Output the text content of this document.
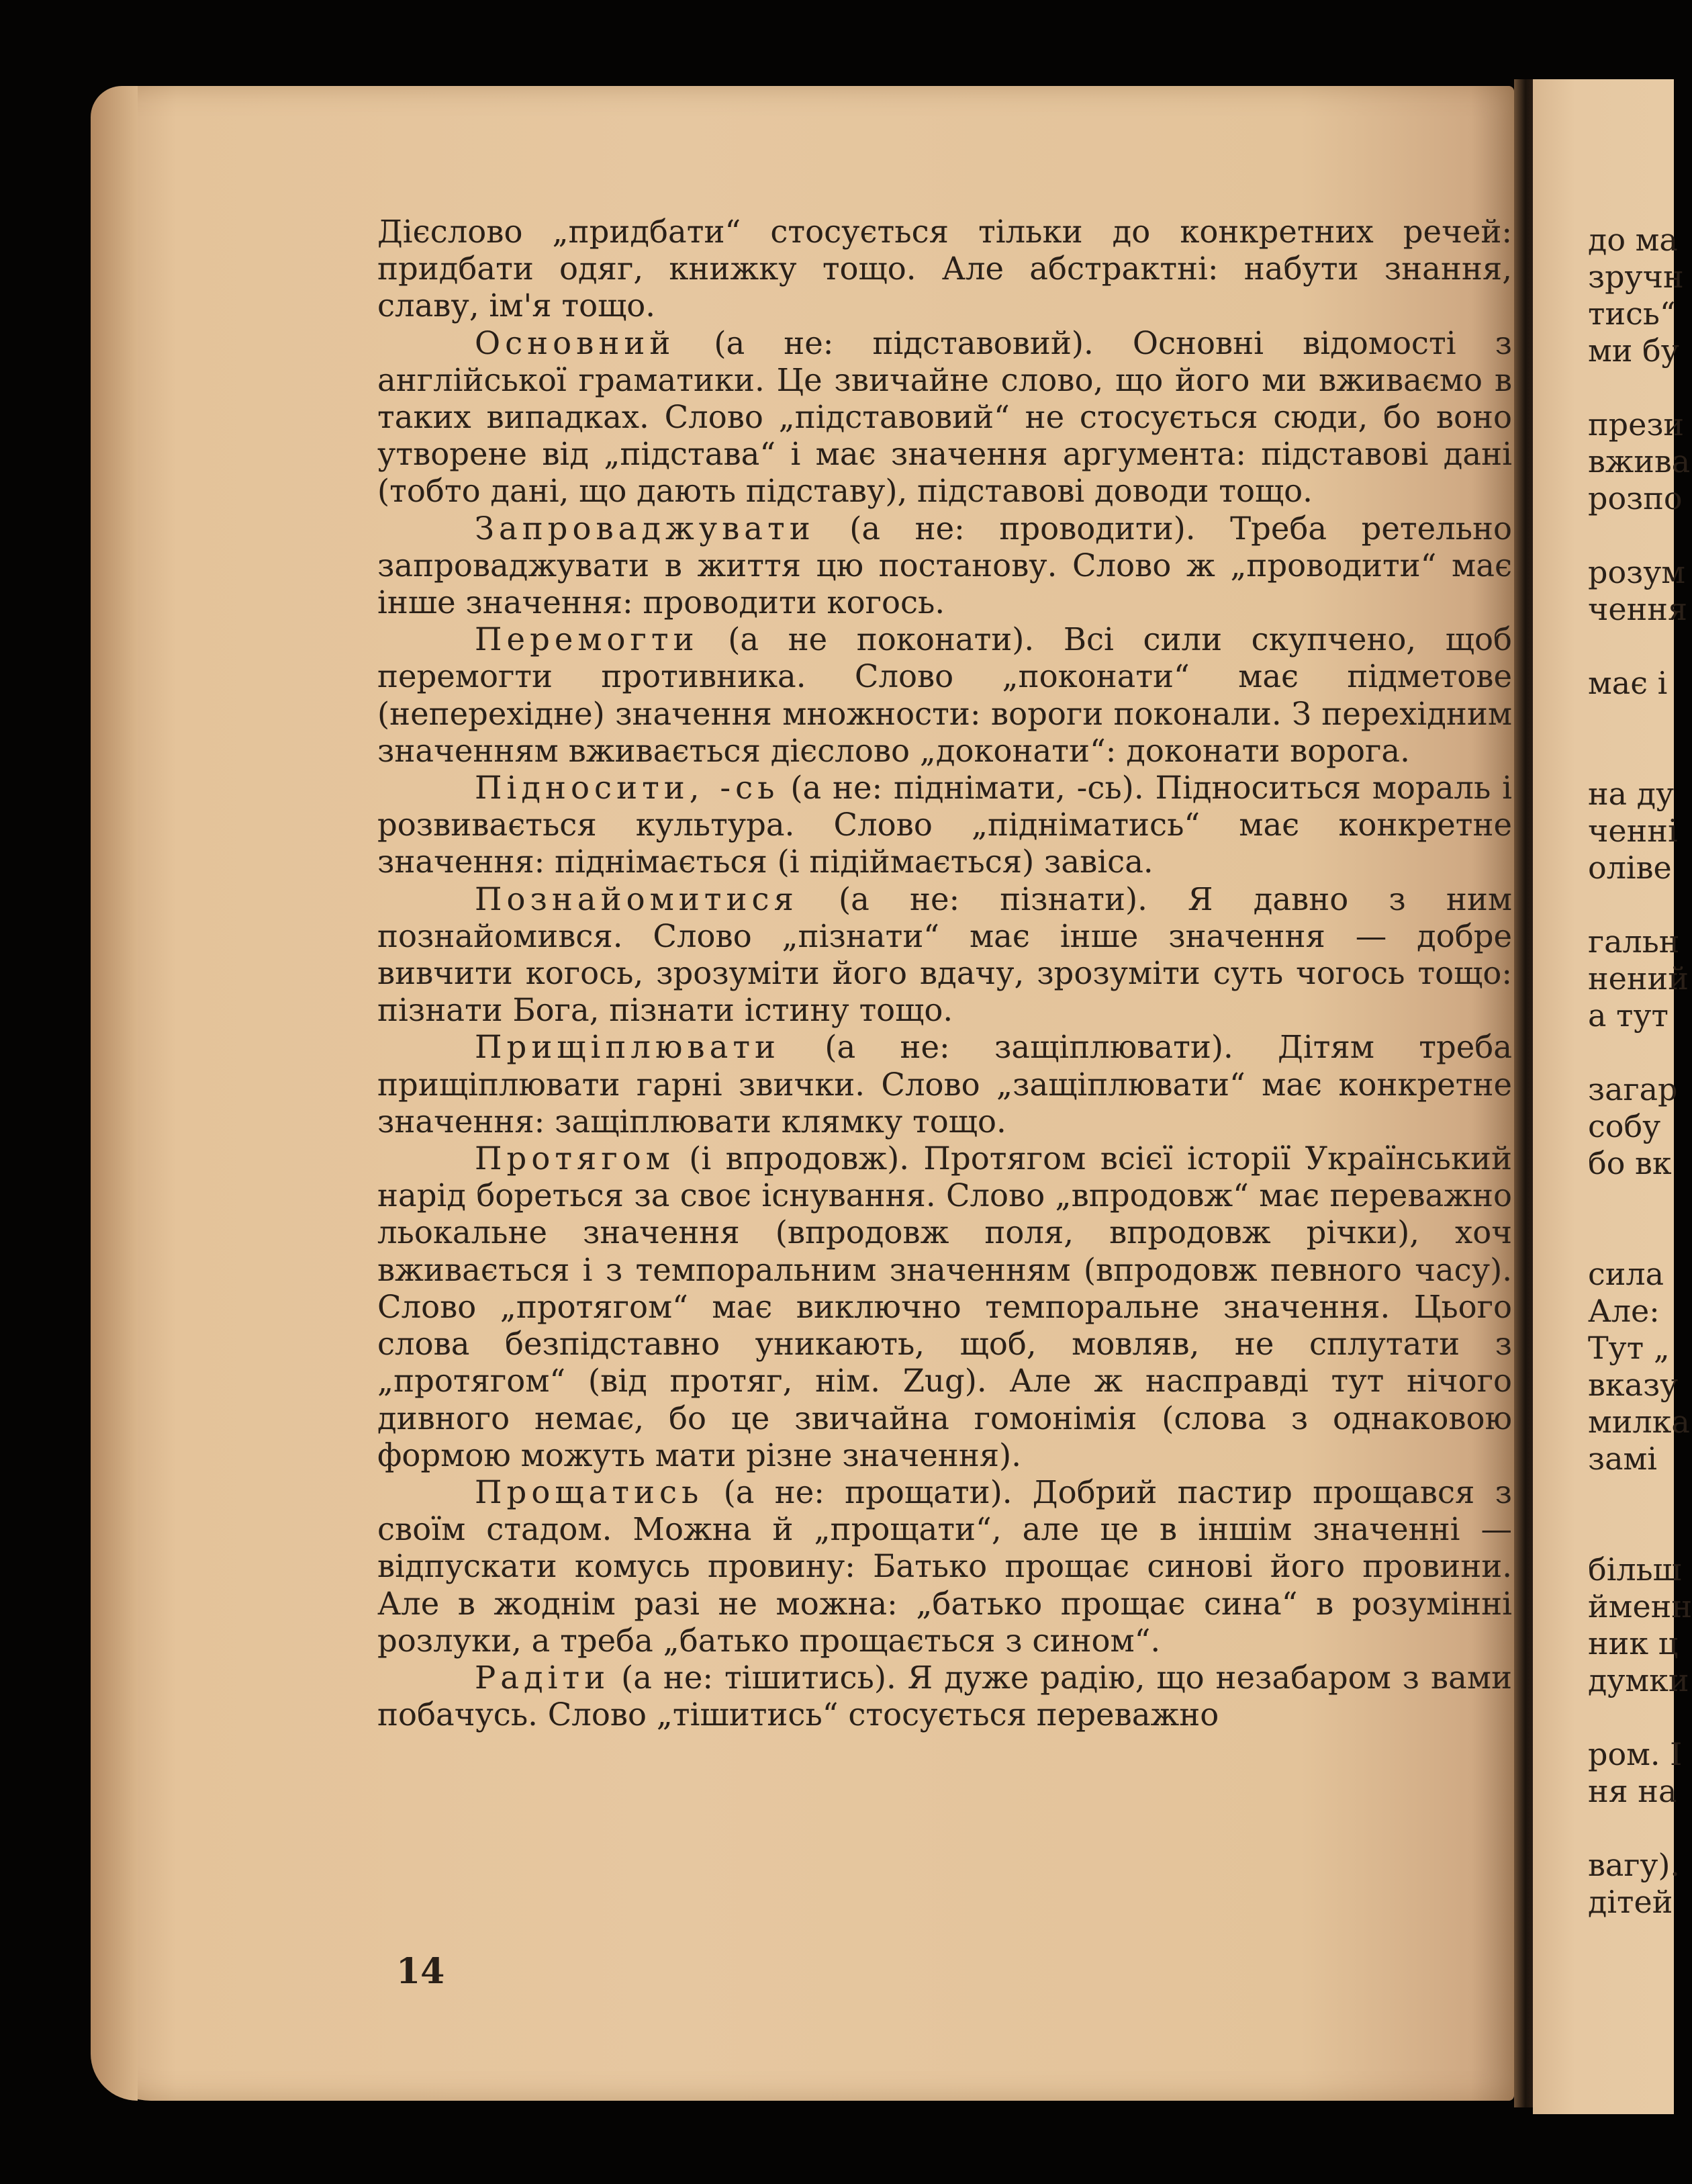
Дієслово „придбати“ стосується тільки до конкретних речей: придбати одяг, книжку тощо. Але абстрактні: набути знання, славу, ім'я тощо.

Основний (а не: підставовий). Основні відомості з англійської граматики. Це звичайне слово, що його ми вживаємо в таких випадках. Слово „підставовий“ не стосується сюди, бо воно утворене від „підстава“ і має значення аргумента: підставові дані (тобто дані, що дають підставу), підставові доводи тощо.

Запроваджувати (а не: проводити). Треба ретельно запроваджувати в життя цю постанову. Слово ж „проводити“ має інше значення: проводити когось.

Перемогти (а не поконати). Всі сили скупчено, щоб перемогти противника. Слово „поконати“ має підметове (неперехідне) значення множности: вороги поконали. З перехідним значенням вживається дієслово „доконати“: доконати ворога.

Підносити, -сь (а не: піднімати, -сь). Підноситься мораль і розвивається культура. Слово „підніматись“ має конкретне значення: піднімається (і підіймається) завіса.

Познайомитися (а не: пізнати). Я давно з ним познайомився. Слово „пізнати“ має інше значення — добре вивчити когось, зрозуміти його вдачу, зрозуміти суть чогось тощо: пізнати Бога, пізнати істину тощо.

Прищіплювати (а не: защіплювати). Дітям треба прищіплювати гарні звички. Слово „защіплювати“ має конкретне значення: защіплювати клямку тощо.

Протягом (і впродовж). Протягом всієї історії Український нарід бореться за своє існування. Слово „впродовж“ має переважно льокальне значення (впродовж поля, впродовж річки), хоч вживається і з темпоральним значенням (впродовж певного часу). Слово „протягом“ має виключно темпоральне значення. Цього слова безпідставно уникають, щоб, мовляв, не сплутати з „протягом“ (від протяг, нім. Zug). Але ж насправді тут нічого дивного немає, бо це звичайна гомонімія (слова з однаковою формою можуть мати різне значення).

Прощатись (а не: прощати). Добрий пастир прощався з своїм стадом. Можна й „прощати“, але це в іншім значенні — відпускати комусь провину: Батько прощає синові його провини. Але в жоднім разі не можна: „батько прощає сина“ в розумінні розлуки, а треба „батько прощається з сином“.

Радіти (а не: тішитись). Я дуже радію, що незабаром з вами побачусь. Слово „тішитись“ стосується переважно

14
до ма
зручн
тись“
ми бу
прези
вжива
розпо
розум
чення
має і
на ду
ченні
оліве
гальн
нений
а тут
загар
собу
бо вк
сила
Але:
Тут „
вказу
милка
замі
більш
йменн
ник ц
думки
ром. І
ня на
вагу).
дітей
